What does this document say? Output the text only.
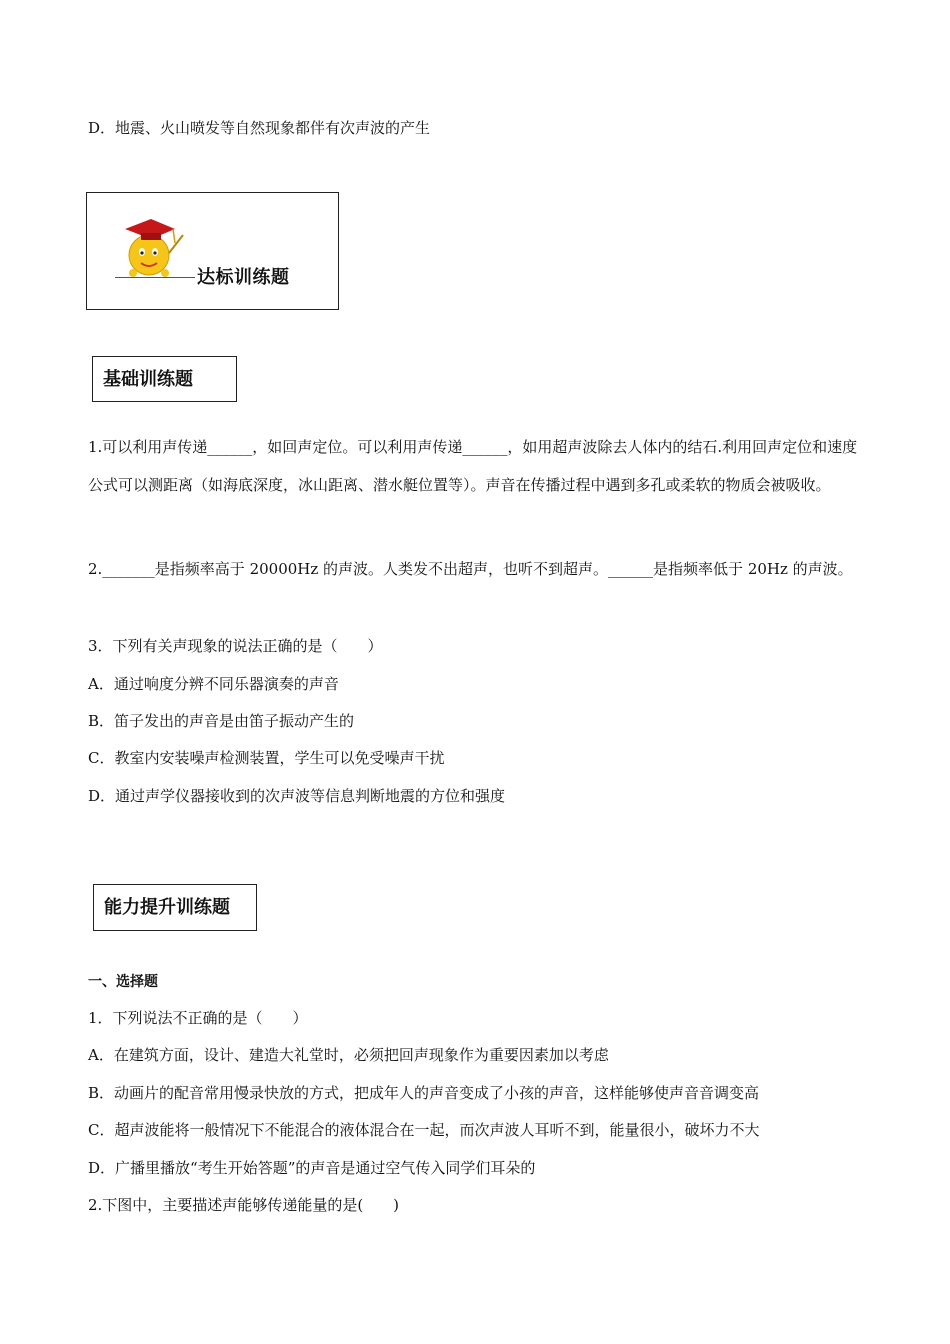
D．地震、火山喷发等自然现象都伴有次声波的产生
达标训练题
基础训练题
1.可以利用声传递______，如回声定位。可以利用声传递______，如用超声波除去人体内的结石.利用回声定位和速度公式可以测距离（如海底深度，冰山距离、潜水艇位置等）。声音在传播过程中遇到多孔或柔软的物质会被吸收。
2._______是指频率高于 20000Hz 的声波。人类发不出超声，也听不到超声。______是指频率低于 20Hz 的声波。
3．下列有关声现象的说法正确的是（　　）
A．通过响度分辨不同乐器演奏的声音
B．笛子发出的声音是由笛子振动产生的
C．教室内安装噪声检测装置，学生可以免受噪声干扰
D．通过声学仪器接收到的次声波等信息判断地震的方位和强度
能力提升训练题
一、选择题
1．下列说法不正确的是（　　）
A．在建筑方面，设计、建造大礼堂时，必须把回声现象作为重要因素加以考虑
B．动画片的配音常用慢录快放的方式，把成年人的声音变成了小孩的声音，这样能够使声音音调变高
C．超声波能将一般情况下不能混合的液体混合在一起，而次声波人耳听不到，能量很小，破坏力不大
D．广播里播放“考生开始答题”的声音是通过空气传入同学们耳朵的
2.下图中，主要描述声能够传递能量的是(　　)
